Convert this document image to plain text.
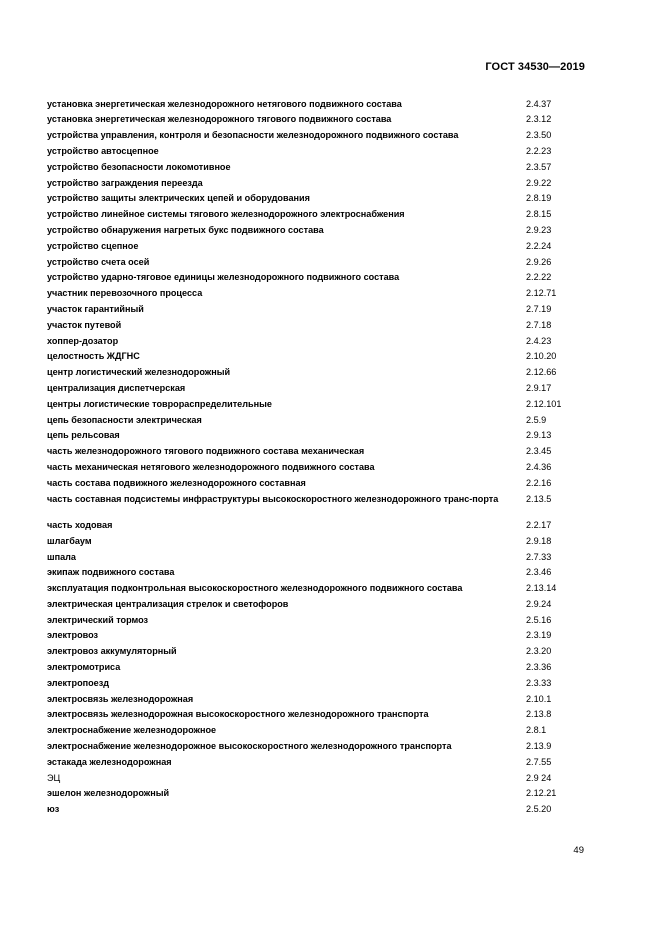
ГОСТ 34530—2019
установка энергетическая железнодорожного нетягового подвижного состава	2.4.37
установка энергетическая железнодорожного тягового подвижного состава	2.3.12
устройства управления, контроля и безопасности железнодорожного подвижного состава	2.3.50
устройство автосцепное	2.2.23
устройство безопасности локомотивное	2.3.57
устройство заграждения переезда	2.9.22
устройство защиты электрических цепей и оборудования	2.8.19
устройство линейное системы тягового железнодорожного электроснабжения	2.8.15
устройство обнаружения нагретых букс подвижного состава	2.9.23
устройство сцепное	2.2.24
устройство счета осей	2.9.26
устройство ударно-тяговое единицы железнодорожного подвижного состава	2.2.22
участник перевозочного процесса	2.12.71
участок гарантийный	2.7.19
участок путевой	2.7.18
хоппер-дозатор	2.4.23
целостность ЖДГНС	2.10.20
центр логистический железнодорожный	2.12.66
централизация диспетчерская	2.9.17
центры логистические товрораспределительные	2.12.101
цепь безопасности электрическая	2.5.9
цепь рельсовая	2.9.13
часть железнодорожного тягового подвижного состава механическая	2.3.45
часть механическая нетягового железнодорожного подвижного состава	2.4.36
часть состава подвижного железнодорожного составная	2.2.16
часть составная подсистемы инфраструктуры высокоскоростного железнодорожного транс-порта	2.13.5
часть ходовая	2.2.17
шлагбаум	2.9.18
шпала	2.7.33
экипаж подвижного состава	2.3.46
эксплуатация подконтрольная высокоскоростного железнодорожного подвижного состава	2.13.14
электрическая централизация стрелок и светофоров	2.9.24
электрический тормоз	2.5.16
электровоз	2.3.19
электровоз аккумуляторный	2.3.20
электромотриса	2.3.36
электропоезд	2.3.33
электросвязь железнодорожная	2.10.1
электросвязь железнодорожная высокоскоростного железнодорожного транспорта	2.13.8
электроснабжение железнодорожное	2.8.1
электроснабжение железнодорожное высокоскоростного железнодорожного транспорта	2.13.9
эстакада железнодорожная	2.7.55
ЭЦ	2.9 24
эшелон железнодорожный	2.12.21
юз	2.5.20
49
